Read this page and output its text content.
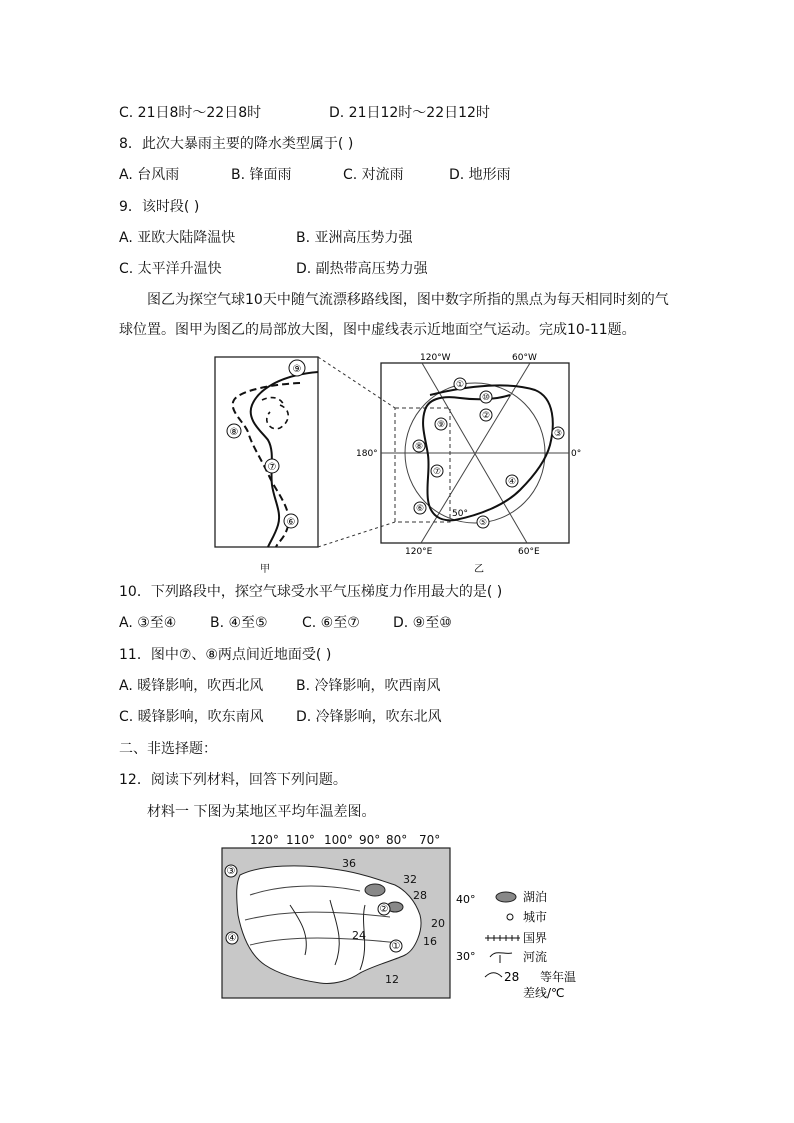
C. 21日8时～22日8时	D. 21日12时～22日12时
8．此次大暴雨主要的降水类型属于( )
A. 台风雨	B. 锋面雨	C. 对流雨	D. 地形雨
9．该时段( )
A. 亚欧大陆降温快	B. 亚洲高压势力强
C. 太平洋升温快	D. 副热带高压势力强
图乙为探空气球10天中随气流漂移路线图，图中数字所指的黑点为每天相同时刻的气球位置。图甲为图乙的局部放大图，图中虚线表示近地面空气运动。完成10-11题。
⑨
⑧
⑦
⑥
甲
120°W	60°W
180°	0°
120°E	60°E
50°
①
②
③
④
⑤
⑥
⑦
⑧
⑨
⑩
乙
10．下列路段中，探空气球受水平气压梯度力作用最大的是( )
A. ③至④ B. ④至⑤ C. ⑥至⑦ D. ⑨至⑩
11．图中⑦、⑧两点间近地面受( )
A. 暖锋影响，吹西北风 B. 冷锋影响，吹西南风
C. 暖锋影响，吹东南风 D. 冷锋影响，吹东北风
二、非选择题：
12．阅读下列材料，回答下列问题。
材料一 下图为某地区平均年温差图。
120° 110° 100° 90° 80° 70°
36
32
28
20
16
24
12
①
②
③
④
40°
30°
湖泊
城市
国界
河流
28 等年温
差线/℃
